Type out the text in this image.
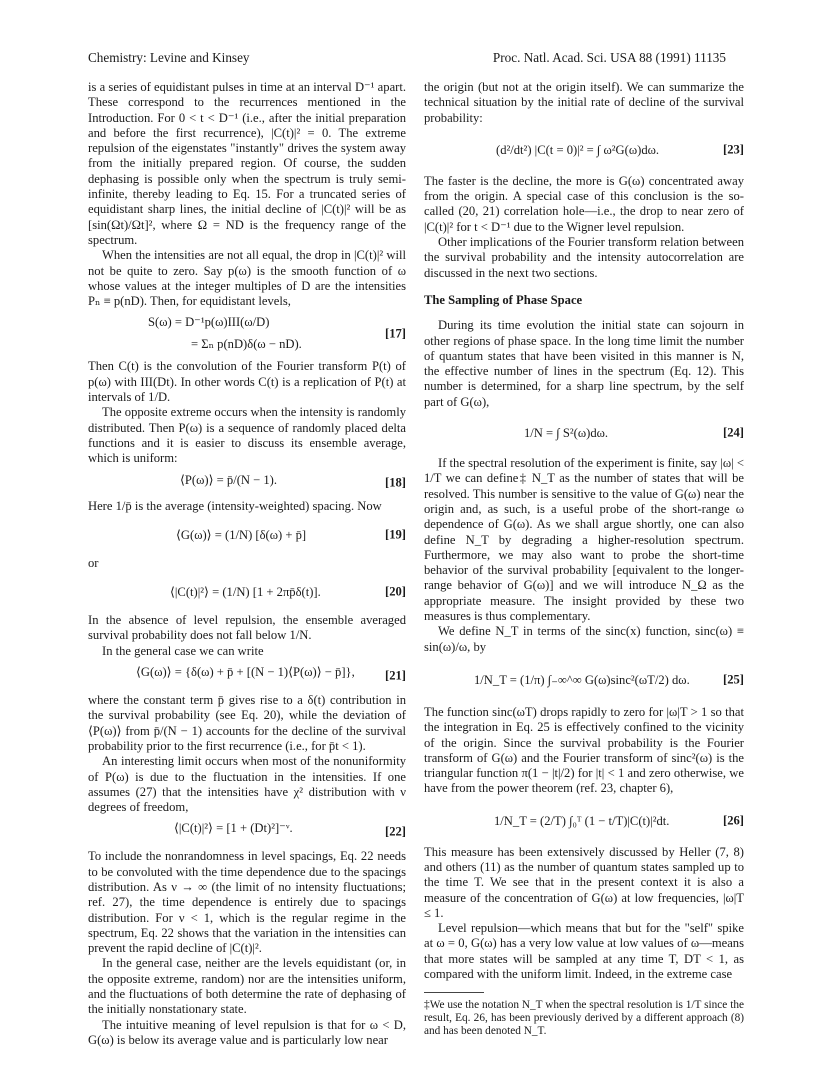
Chemistry: Levine and Kinsey	Proc. Natl. Acad. Sci. USA 88 (1991) 11135

is a series of equidistant pulses in time at an interval D⁻¹ apart. These correspond to the recurrences mentioned in the Introduction. For 0 < t < D⁻¹ (i.e., after the initial preparation and before the first recurrence), |C(t)|² = 0. The extreme repulsion of the eigenstates "instantly" drives the system away from the initially prepared region. Of course, the sudden dephasing is possible only when the spectrum is truly semi-infinite, thereby leading to Eq. 15. For a truncated series of equidistant sharp lines, the initial decline of |C(t)|² will be as [sin(Ωt)/Ωt]², where Ω = ND is the frequency range of the spectrum.

When the intensities are not all equal, the drop in |C(t)|² will not be quite to zero. Say p(ω) is the smooth function of ω whose values at the integer multiples of D are the intensities Pₙ ≡ p(nD). Then, for equidistant levels,

S(ω) = D⁻¹p(ω)III(ω/D)
= Σₙ p(nD)δ(ω − nD).
[17]

Then C(t) is the convolution of the Fourier transform P(t) of p(ω) with III(Dt). In other words C(t) is a replication of P(t) at intervals of 1/D.

The opposite extreme occurs when the intensity is randomly distributed. Then P(ω) is a sequence of randomly placed delta functions and it is easier to discuss its ensemble average, which is uniform:

⟨P(ω)⟩ = p̄/(N − 1).	[18]

Here 1/p̄ is the average (intensity-weighted) spacing. Now

⟨G(ω)⟩ = (1/N) [δ(ω) + p̄]	[19]

or

⟨|C(t)|²⟩ = (1/N) [1 + 2πp̄δ(t)].	[20]

In the absence of level repulsion, the ensemble averaged survival probability does not fall below 1/N.

In the general case we can write

⟨G(ω)⟩ = {δ(ω) + p̄ + [(N − 1)⟨P(ω)⟩ − p̄]},	[21]

where the constant term p̄ gives rise to a δ(t) contribution in the survival probability (see Eq. 20), while the deviation of ⟨P(ω)⟩ from p̄/(N − 1) accounts for the decline of the survival probability prior to the first recurrence (i.e., for p̄t < 1).

An interesting limit occurs when most of the nonuniformity of P(ω) is due to the fluctuation in the intensities. If one assumes (27) that the intensities have χ² distribution with ν degrees of freedom,

⟨|C(t)|²⟩ = [1 + (Dt)²]⁻ᵛ.	[22]

To include the nonrandomness in level spacings, Eq. 22 needs to be convoluted with the time dependence due to the spacings distribution. As ν → ∞ (the limit of no intensity fluctuations; ref. 27), the time dependence is entirely due to spacings distribution. For ν < 1, which is the regular regime in the spectrum, Eq. 22 shows that the variation in the intensities can prevent the rapid decline of |C(t)|².

In the general case, neither are the levels equidistant (or, in the opposite extreme, random) nor are the intensities uniform, and the fluctuations of both determine the rate of dephasing of the initially nonstationary state.

The intuitive meaning of level repulsion is that for ω < D, G(ω) is below its average value and is particularly low near

the origin (but not at the origin itself). We can summarize the technical situation by the initial rate of decline of the survival probability:

(d²/dt²) |C(t = 0)|² = ∫ ω²G(ω)dω.	[23]

The faster is the decline, the more is G(ω) concentrated away from the origin. A special case of this conclusion is the so-called (20, 21) correlation hole—i.e., the drop to near zero of |C(t)|² for t < D⁻¹ due to the Wigner level repulsion.

Other implications of the Fourier transform relation between the survival probability and the intensity autocorrelation are discussed in the next two sections.

The Sampling of Phase Space

During its time evolution the initial state can sojourn in other regions of phase space. In the long time limit the number of quantum states that have been visited in this manner is N, the effective number of lines in the spectrum (Eq. 12). This number is determined, for a sharp line spectrum, by the self part of G(ω),

1/N = ∫ S²(ω)dω.	[24]

If the spectral resolution of the experiment is finite, say |ω| < 1/T we can define‡ N_T as the number of states that will be resolved. This number is sensitive to the value of G(ω) near the origin and, as such, is a useful probe of the short-range ω dependence of G(ω). As we shall argue shortly, one can also define N_T by degrading a higher-resolution spectrum. Furthermore, we may also want to probe the short-time behavior of the survival probability [equivalent to the longer-range behavior of G(ω)] and we will introduce N_Ω as the appropriate measure. The insight provided by these two measures is thus complementary.

We define N_T in terms of the sinc(x) function, sinc(ω) ≡ sin(ω)/ω, by

1/N_T = (1/π) ∫₋∞^∞ G(ω)sinc²(ωT/2) dω.	[25]

The function sinc(ωT) drops rapidly to zero for |ω|T > 1 so that the integration in Eq. 25 is effectively confined to the vicinity of the origin. Since the survival probability is the Fourier transform of G(ω) and the Fourier transform of sinc²(ω) is the triangular function π(1 − |t|/2) for |t| < 1 and zero otherwise, we have from the power theorem (ref. 23, chapter 6),

1/N_T = (2/T) ∫₀ᵀ (1 − t/T)|C(t)|²dt.	[26]

This measure has been extensively discussed by Heller (7, 8) and others (11) as the number of quantum states sampled up to the time T. We see that in the present context it is also a measure of the concentration of G(ω) at low frequencies, |ω|T ≤ 1.

Level repulsion—which means that but for the "self" spike at ω = 0, G(ω) has a very low value at low values of ω—means that more states will be sampled at any time T, DT < 1, as compared with the uniform limit. Indeed, in the extreme case

‡We use the notation N_T when the spectral resolution is 1/T since the result, Eq. 26, has been previously derived by a different approach (8) and has been denoted N_T.
